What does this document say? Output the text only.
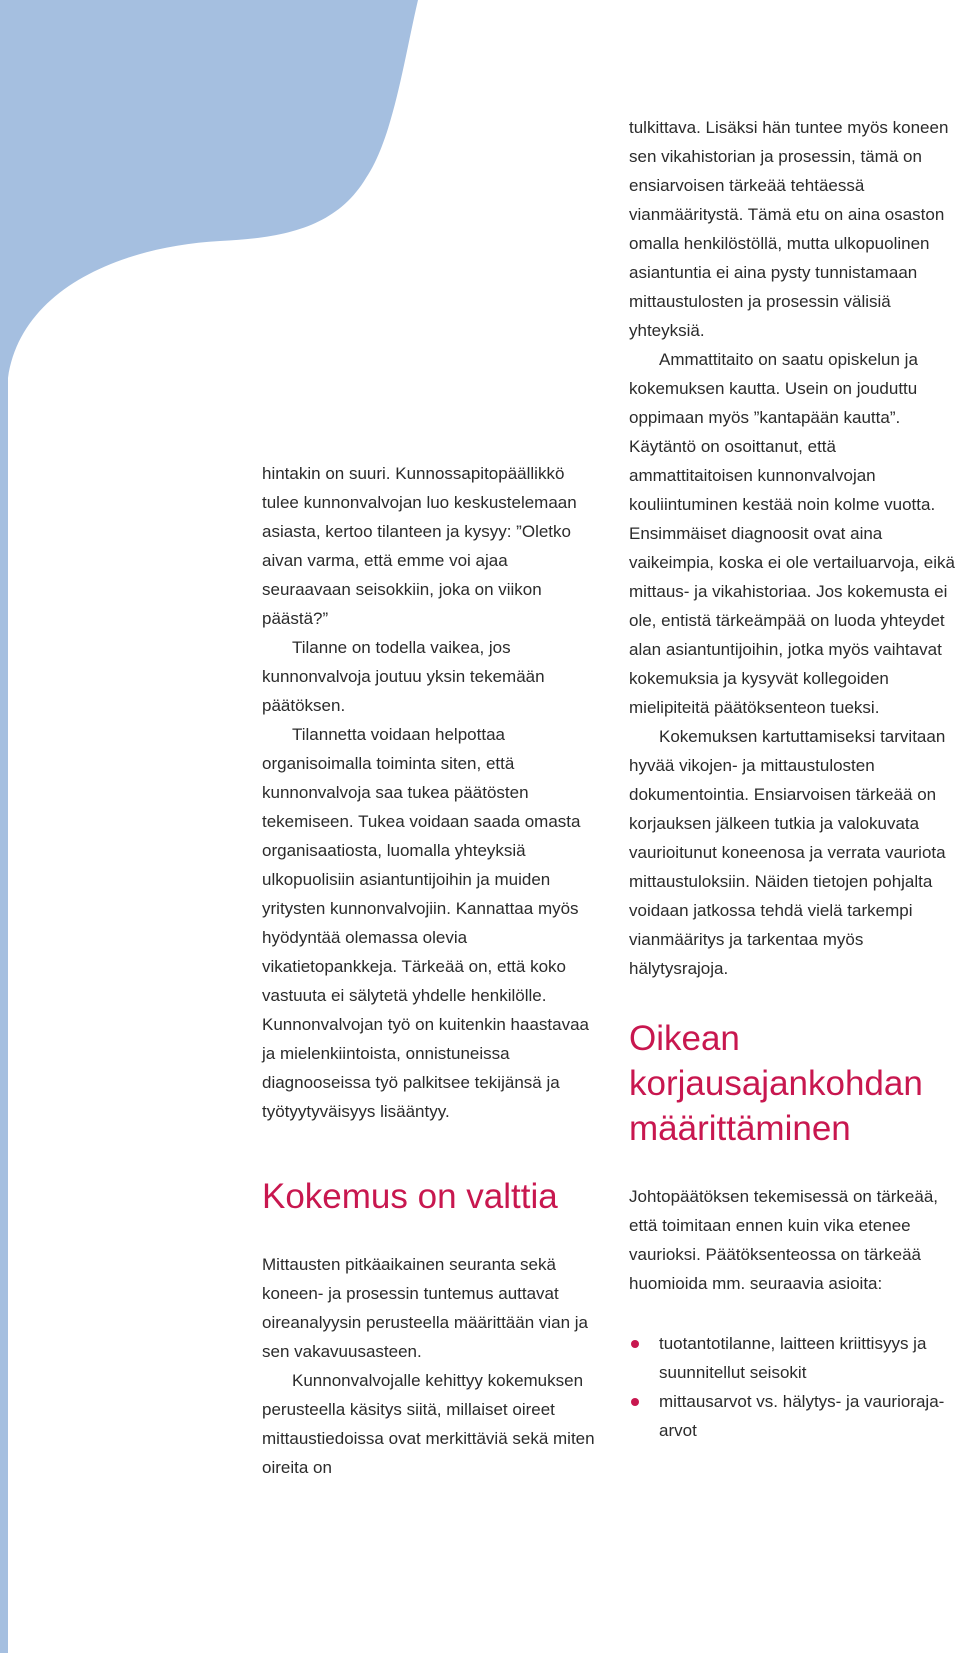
hintakin on suuri. Kunnossapitopäällikkö tulee kunnonvalvojan luo keskustelemaan asiasta, kertoo tilanteen ja kysyy: ”Oletko aivan varma, että emme voi ajaa seuraavaan seisokkiin, joka on viikon päästä?”

Tilanne on todella vaikea, jos kunnonvalvoja joutuu yksin tekemään päätöksen.

Tilannetta voidaan helpottaa organisoimalla toiminta siten, että kunnonvalvoja saa tukea päätösten tekemiseen. Tukea voidaan saada omasta organisaatiosta, luomalla yhteyksiä ulkopuolisiin asiantuntijoihin ja muiden yritysten kunnonvalvojiin. Kannattaa myös hyödyntää olemassa olevia vikatietopankkeja. Tärkeää on, että koko vastuuta ei sälytetä yhdelle henkilölle. Kunnonvalvojan työ on kuitenkin haastavaa ja mielenkiintoista, onnistuneissa diagnooseissa työ palkitsee tekijänsä ja työtyytyväisyys lisääntyy.

Kokemus on valttia

Mittausten pitkäaikainen seuranta sekä koneen- ja prosessin tuntemus auttavat oireanalyysin perusteella määrittään vian ja sen vakavuusasteen.

Kunnonvalvojalle kehittyy kokemuksen perusteella käsitys siitä, millaiset oireet mittaustiedoissa ovat merkittäviä sekä miten oireita on

tulkittava. Lisäksi hän tuntee myös koneen sen vikahistorian ja prosessin, tämä on ensiarvoisen tärkeää tehtäessä vianmääritystä. Tämä etu on aina osaston omalla henkilöstöllä, mutta ulkopuolinen asiantuntia ei aina pysty tunnistamaan mittaustulosten ja prosessin välisiä yhteyksiä.

Ammattitaito on saatu opiskelun ja kokemuksen kautta. Usein on jouduttu oppimaan myös ”kantapään kautta”. Käytäntö on osoittanut, että ammattitaitoisen kunnonvalvojan kouliintuminen kestää noin kolme vuotta. Ensimmäiset diagnoosit ovat aina vaikeimpia, koska ei ole vertailuarvoja, eikä mittaus- ja vikahistoriaa. Jos kokemusta ei ole, entistä tärkeämpää on luoda yhteydet alan asiantuntijoihin, jotka myös vaihtavat kokemuksia ja kysyvät kollegoiden mielipiteitä päätöksenteon tueksi.

Kokemuksen kartuttamiseksi tarvitaan hyvää vikojen- ja mittaustulosten dokumentointia. Ensiarvoisen tärkeää on korjauksen jälkeen tutkia ja valokuvata vaurioitunut koneenosa ja verrata vauriota mittaustuloksiin. Näiden tietojen pohjalta voidaan jatkossa tehdä vielä tarkempi vianmääritys ja tarkentaa myös hälytysrajoja.

Oikean korjausajankohdan määrittäminen

Johtopäätöksen tekemisessä on tärkeää, että toimitaan ennen kuin vika etenee vaurioksi. Päätöksenteossa on tärkeää huomioida mm. seuraavia asioita:

tuotantotilanne, laitteen kriittisyys ja suunnitellut seisokit
mittausarvot vs. hälytys- ja vaurioraja-arvot
